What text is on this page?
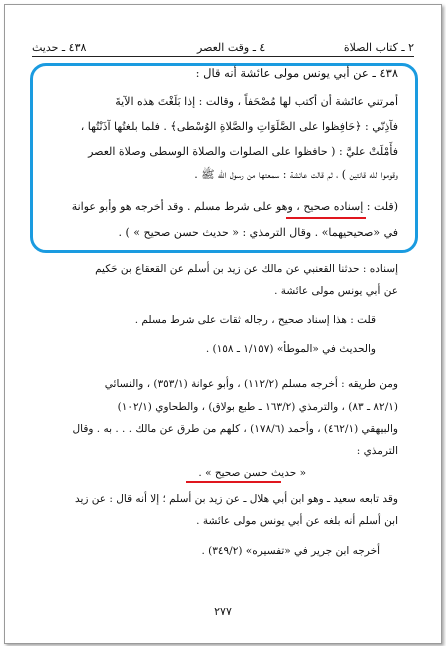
٢ ـ كتاب الصلاة
٤ ـ وقت العصر
٤٣٨ ـ حديث
٤٣٨ ـ عن أبي يونس مولى عائشة أنه قال :
أمرتني عائشة أن أكتب لها مُصْحَفاً ، وقالت : إذا بَلَغْتَ هذه الآيةَ
فآذِنّي : ﴿حَافِظوا على الصَّلَوَاتِ والصَّلاةِ الوُسْطى﴾ . فلما بلغتُها آذَنْتُها ،
فأَمْلَتْ عليَّ : ( حافظوا على الصلوات والصلاة الوسطى وصلاة العصر
وقوموا لله قانتين ) ، ثم قالت عائشة : سمعتها من رسول الله ﷺ .
(قلت : إسناده صحيح ، وهو على شرط مسلم . وقد أخرجه هو وأبو عوانة
في «صحيحيهما» . وقال الترمذي : « حديث حسن صحيح » ) .
إسناده : حدثنا القعنبي عن مالك عن زيد بن أسلم عن القعقاع بن حَكيم
عن أبي يونس مولى عائشة .
قلت : هذا إسناد صحيح ، رجاله ثقات على شرط مسلم .
والحديث في «الموطأ» (١/١٥٧ ـ ١٥٨) .
ومن طريقه : أخرجه مسلم (١١٢/٢) ، وأبو عوانة (٣٥٣/١) ، والنسائي
(٨٢/١ ـ ٨٣) ، والترمذي (١٦٣/٢ ـ طبع بولاق) ، والطحاوي (١٠٢/١)
والبيهقي (٤٦٢/١) ، وأحمد (١٧٨/٦) ، كلهم من طرق عن مالك . . . به . وقال
الترمذي :
« حديث حسن صحيح » .
وقد تابعه سعيد ـ وهو ابن أبي هلال ـ عن زيد بن أسلم ؛ إلا أنه قال : عن زيد
ابن أسلم أنه بلغه عن أبي يونس مولى عائشة .
أخرجه ابن جرير في «تفسيره» (٣٤٩/٢) .
٢٧٧
